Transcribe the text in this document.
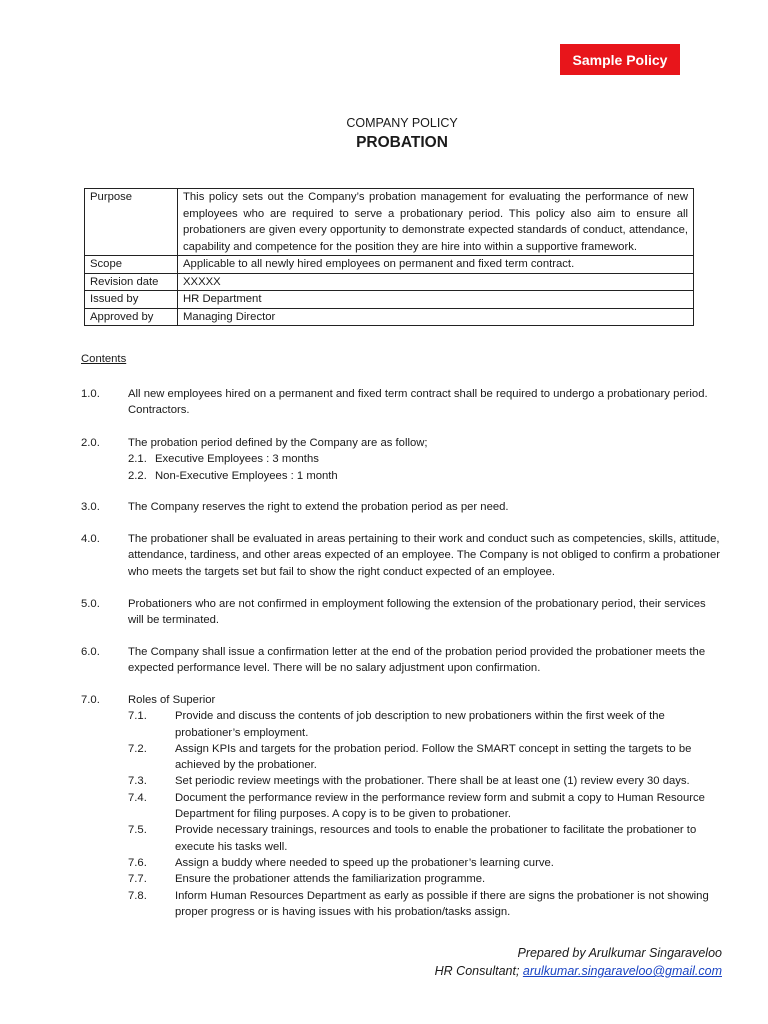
Sample Policy
COMPANY POLICY
PROBATION
Purpose	This policy sets out the Company’s probation management for evaluating the performance of new employees who are required to serve a probationary period. This policy also aim to ensure all probationers are given every opportunity to demonstrate expected standards of conduct, attendance, capability and competence for the position they are hire into within a supportive framework.
Scope	Applicable to all newly hired employees on permanent and fixed term contract.
Revision date	XXXXX
Issued by	HR Department
Approved by	Managing Director
Contents
1.0. All new employees hired on a permanent and fixed term contract shall be required to undergo a probationary period. Contractors.
2.0. The probation period defined by the Company are as follow;
2.1. Executive Employees : 3 months
2.2. Non-Executive Employees : 1 month
3.0. The Company reserves the right to extend the probation period as per need.
4.0. The probationer shall be evaluated in areas pertaining to their work and conduct such as competencies, skills, attitude, attendance, tardiness, and other areas expected of an employee. The Company is not obliged to confirm a probationer who meets the targets set but fail to show the right conduct expected of an employee.
5.0. Probationers who are not confirmed in employment following the extension of the probationary period, their services will be terminated.
6.0. The Company shall issue a confirmation letter at the end of the probation period provided the probationer meets the expected performance level. There will be no salary adjustment upon confirmation.
7.0. Roles of Superior
7.1. Provide and discuss the contents of job description to new probationers within the first week of the probationer’s employment.
7.2. Assign KPIs and targets for the probation period. Follow the SMART concept in setting the targets to be achieved by the probationer.
7.3. Set periodic review meetings with the probationer. There shall be at least one (1) review every 30 days.
7.4. Document the performance review in the performance review form and submit a copy to Human Resource Department for filing purposes. A copy is to be given to probationer.
7.5. Provide necessary trainings, resources and tools to enable the probationer to facilitate the probationer to execute his tasks well.
7.6. Assign a buddy where needed to speed up the probationer’s learning curve.
7.7. Ensure the probationer attends the familiarization programme.
7.8. Inform Human Resources Department as early as possible if there are signs the probationer is not showing proper progress or is having issues with his probation/tasks assign.
Prepared by Arulkumar Singaraveloo
HR Consultant; arulkumar.singaraveloo@gmail.com
